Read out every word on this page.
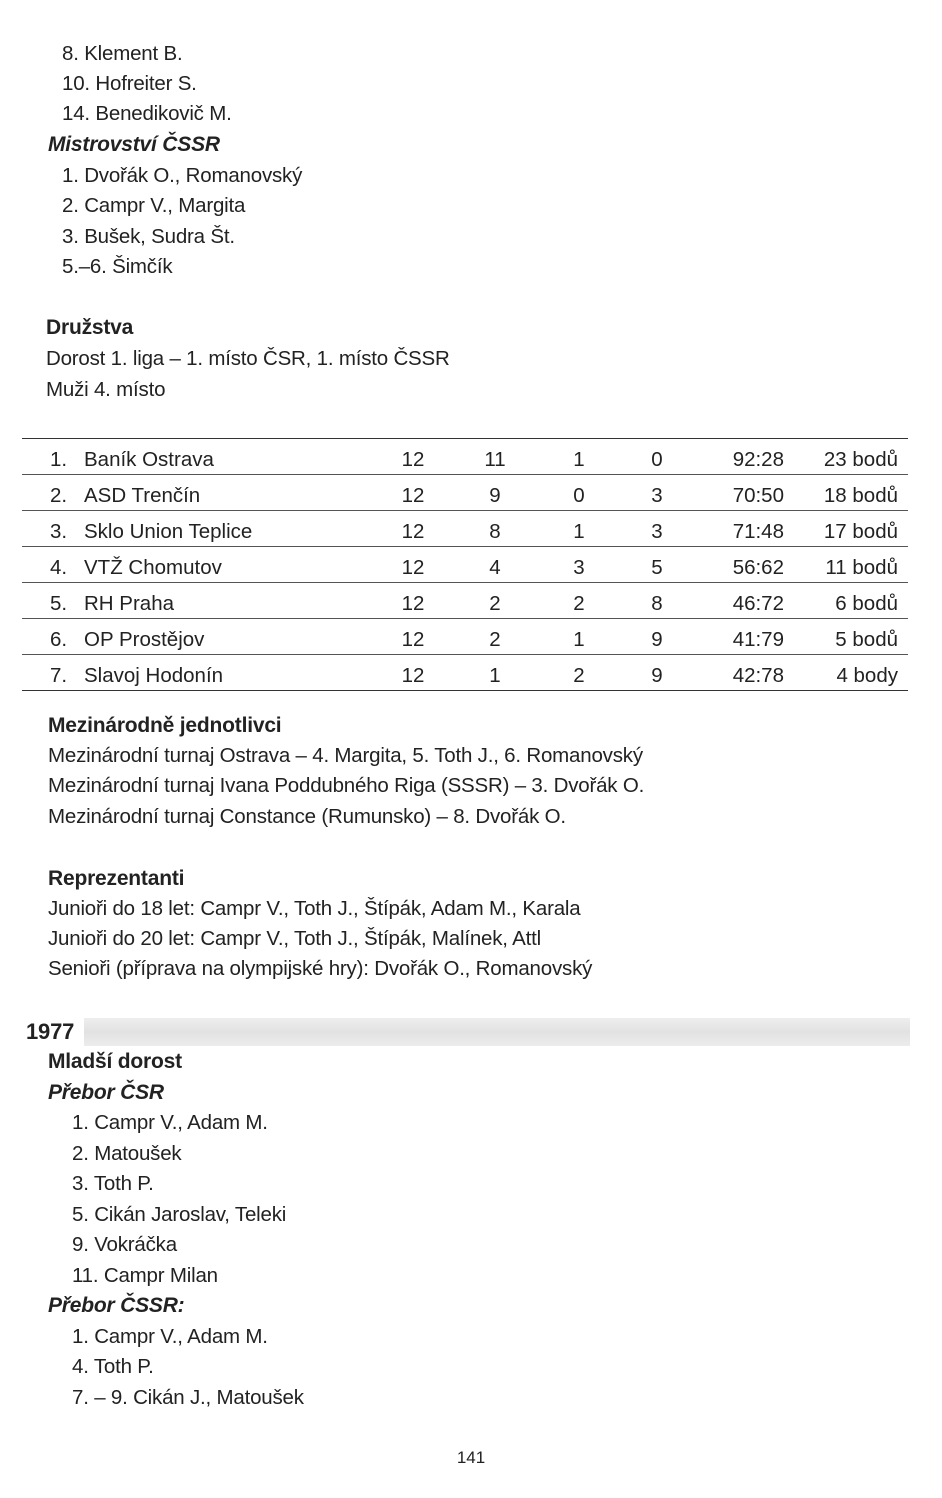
8. Klement B.
10. Hofreiter S.
14. Benedikovič M.
Mistrovství ČSSR
1. Dvořák O., Romanovský
2. Campr V., Margita
3. Bušek, Sudra Št.
5.–6. Šimčík
Družstva
Dorost 1. liga – 1. místo ČSR, 1. místo ČSSR
Muži 4. místo
1. Baník Ostrava	12	11	1	0	92:28	23 bodů
2. ASD Trenčín	12	9	0	3	70:50	18 bodů
3. Sklo Union Teplice	12	8	1	3	71:48	17 bodů
4. VTŽ Chomutov	12	4	3	5	56:62	11 bodů
5. RH Praha	12	2	2	8	46:72	6 bodů
6. OP Prostějov	12	2	1	9	41:79	5 bodů
7. Slavoj Hodonín	12	1	2	9	42:78	4 body
Mezinárodně jednotlivci
Mezinárodní turnaj Ostrava – 4. Margita, 5. Toth J., 6. Romanovský
Mezinárodní turnaj Ivana Poddubného Riga (SSSR) – 3. Dvořák O.
Mezinárodní turnaj Constance (Rumunsko) – 8. Dvořák O.
Reprezentanti
Junioři do 18 let: Campr V., Toth J., Štípák, Adam M., Karala
Junioři do 20 let: Campr V., Toth J., Štípák, Malínek, Attl
Senioři (příprava na olympijské hry): Dvořák O., Romanovský
1977
Mladší dorost
Přebor ČSR
1. Campr V., Adam M.
2. Matoušek
3. Toth P.
5. Cikán Jaroslav, Teleki
9. Vokráčka
11. Campr Milan
Přebor ČSSR:
1. Campr V., Adam M.
4. Toth P.
7. – 9. Cikán J., Matoušek
141
